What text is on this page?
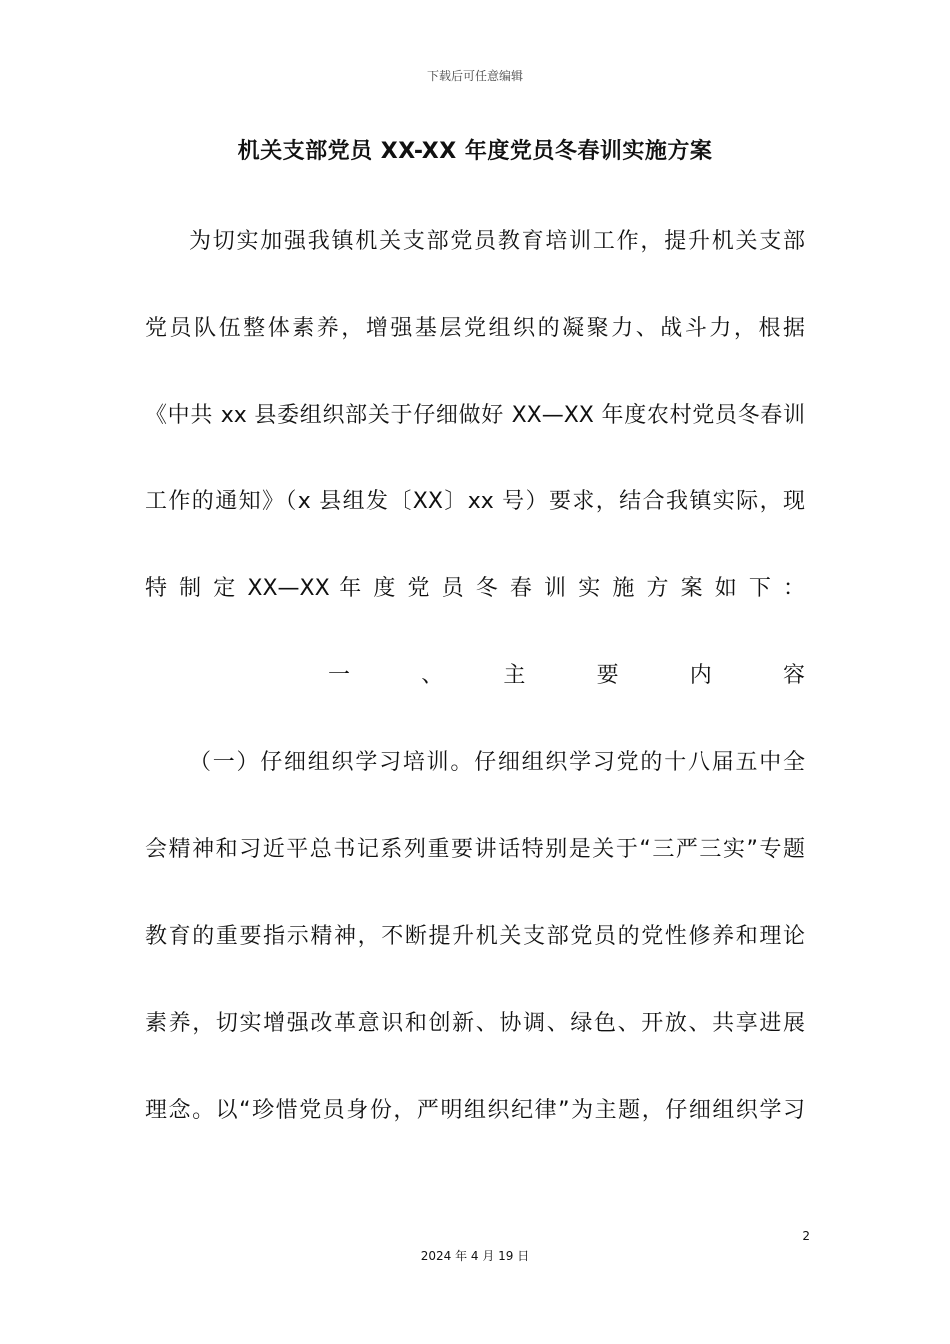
下载后可任意编辑
机关支部党员 XX-XX 年度党员冬春训实施方案
为切实加强我镇机关支部党员教育培训工作，提升机关支部
党员队伍整体素养，增强基层党组织的凝聚力、战斗力，根据
《中共 xx 县委组织部关于仔细做好 XX—XX 年度农村党员冬春训
工作的通知》（x 县组发〔XX〕xx 号）要求，结合我镇实际，现
特 制 定 XX—XX 年 度 党 员 冬 春 训 实 施 方 案 如 下 ：
一　、　主　要　内　容
（一）仔细组织学习培训。仔细组织学习党的十八届五中全
会精神和习近平总书记系列重要讲话特别是关于“三严三实”专题
教育的重要指示精神，不断提升机关支部党员的党性修养和理论
素养，切实增强改革意识和创新、协调、绿色、开放、共享进展
理念。以“珍惜党员身份，严明组织纪律”为主题，仔细组织学习
2
2024 年 4 月 19 日
